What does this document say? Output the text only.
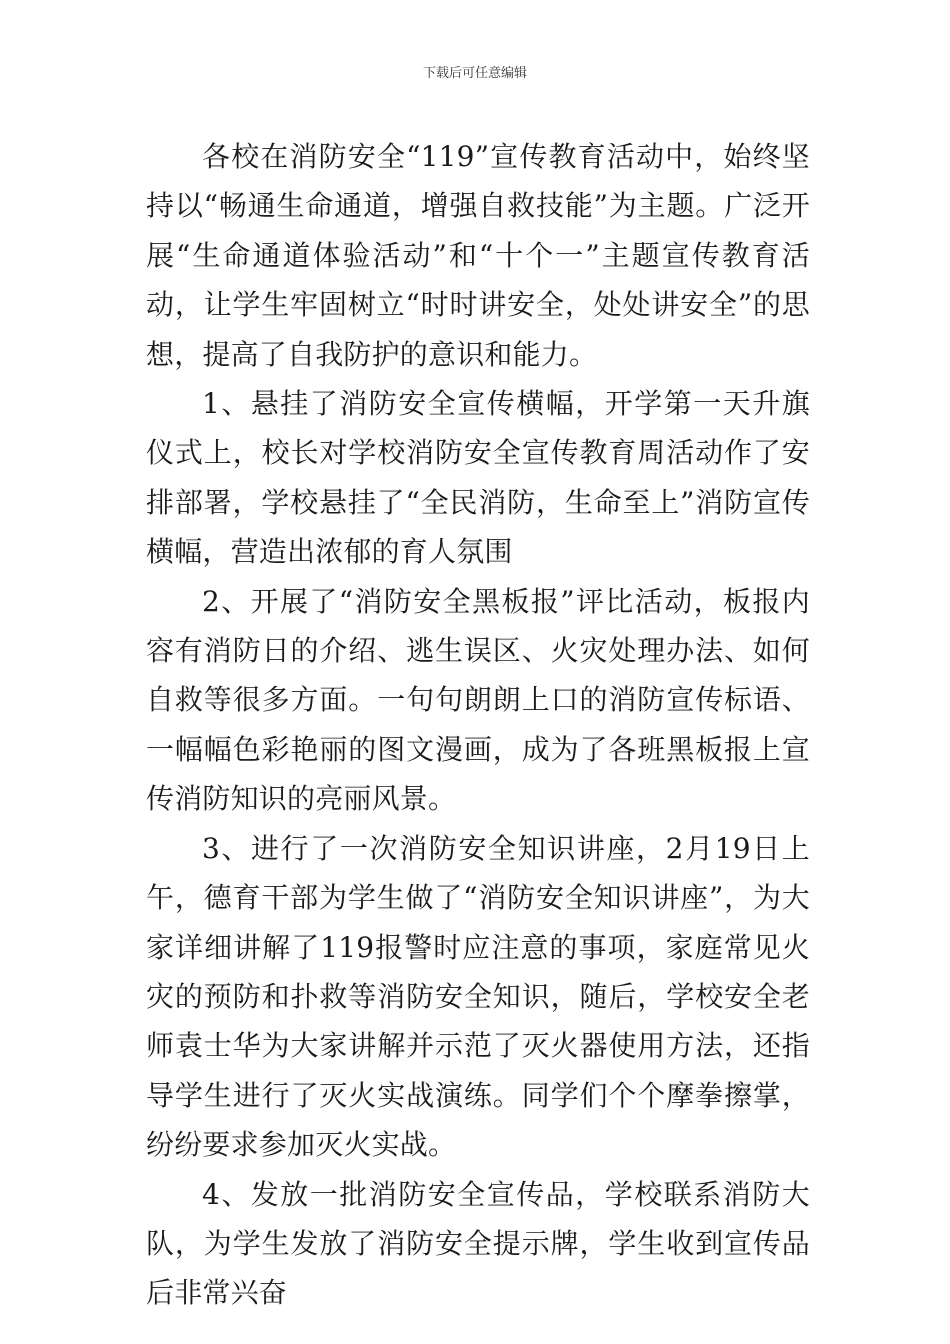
下载后可任意编辑

各校在消防安全“119”宣传教育活动中，始终坚持以“畅通生命通道，增强自救技能”为主题。广泛开展“生命通道体验活动”和“十个一”主题宣传教育活动，让学生牢固树立“时时讲安全，处处讲安全”的思想，提高了自我防护的意识和能力。

1、悬挂了消防安全宣传横幅，开学第一天升旗仪式上，校长对学校消防安全宣传教育周活动作了安排部署，学校悬挂了“全民消防，生命至上”消防宣传横幅，营造出浓郁的育人氛围

2、开展了“消防安全黑板报”评比活动，板报内容有消防日的介绍、逃生误区、火灾处理办法、如何自救等很多方面。一句句朗朗上口的消防宣传标语、一幅幅色彩艳丽的图文漫画，成为了各班黑板报上宣传消防知识的亮丽风景。

3、进行了一次消防安全知识讲座，2月19日上午，德育干部为学生做了“消防安全知识讲座”，为大家详细讲解了119报警时应注意的事项，家庭常见火灾的预防和扑救等消防安全知识，随后，学校安全老师袁士华为大家讲解并示范了灭火器使用方法，还指导学生进行了灭火实战演练。同学们个个摩拳擦掌，纷纷要求参加灭火实战。

4、发放一批消防安全宣传品，学校联系消防大队，为学生发放了消防安全提示牌，学生收到宣传品后非常兴奋
